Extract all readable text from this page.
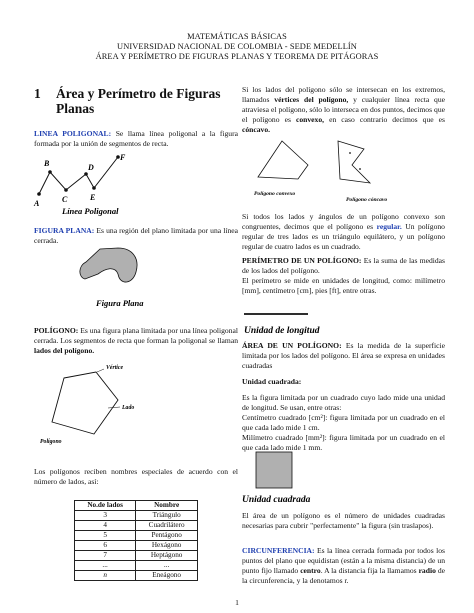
MATEMÁTICAS BÁSICAS
UNIVERSIDAD NACIONAL DE COLOMBIA - SEDE MEDELLÍN
ÁREA Y PERÍMETRO DE FIGURAS PLANAS Y TEOREMA DE PITÁGORAS
1 Área y Perímetro de Figuras
Planas

LINEA POLIGONAL: Se llama línea poligonal a la figura formada por la unión de segmentos de recta.

B	D
F
A	C	E
Línea Poligonal

FIGURA PLANA: Es una región del plano limitada por una línea cerrada.

Figura Plana

POLÍGONO: Es una figura plana limitada por una línea poligonal cerrada. Los segmentos de recta que forman la poligonal se llaman lados del polígono.

Vértice
Lado
Polígono

Los polígonos reciben nombres especiales de acuerdo con el número de lados, así:

No.de lados	Nombre
3	Triángulo
4	Cuadrilátero
5	Pentágono
6	Hexágono
7	Heptágono
...	...
n	Eneágono

Si los lados del polígono sólo se intersecan en los extremos, llamados vértices del polígono, y cualquier línea recta que atraviesa el polígono, sólo lo interseca en dos puntos, decimos que el polígono es convexo, en caso contrario decimos que es cóncavo.

Polígono convexo
Polígono cóncavo

Si todos los lados y ángulos de un polígono convexo son congruentes, decimos que el polígono es regular. Un polígono regular de tres lados es un triángulo equilátero, y un polígono regular de cuatro lados es un cuadrado.

PERÍMETRO DE UN POLÍGONO: Es la suma de las medidas de los lados del polígono.

El perímetro se mide en unidades de longitud, como: milímetro [mm], centímetro [cm], pies [ft], entre otras.

Unidad de longitud

ÁREA DE UN POLÍGONO: Es la medida de la superficie limitada por los lados del polígono. El área se expresa en unidades cuadradas

Unidad cuadrada:

Es la figura limitada por un cuadrado cuyo lado mide una unidad de longitud. Se usan, entre otras:

Centímetro cuadrado [cm²]: figura limitada por un cuadrado en el que cada lado mide 1 cm.

Milímetro cuadrado [mm²]: figura limitada por un cuadrado en el que cada lado mide 1 mm.

Unidad cuadrada

El área de un polígono es el número de unidades cuadradas necesarias para cubrir "perfectamente" la figura (sin traslapos).

CIRCUNFERENCIA: Es la línea cerrada formada por todos los puntos del plano que equidistan (están a la misma distancia) de un punto fijo llamado centro. A la distancia fija la llamamos radio de la circunferencia, y la denotamos r.

1
